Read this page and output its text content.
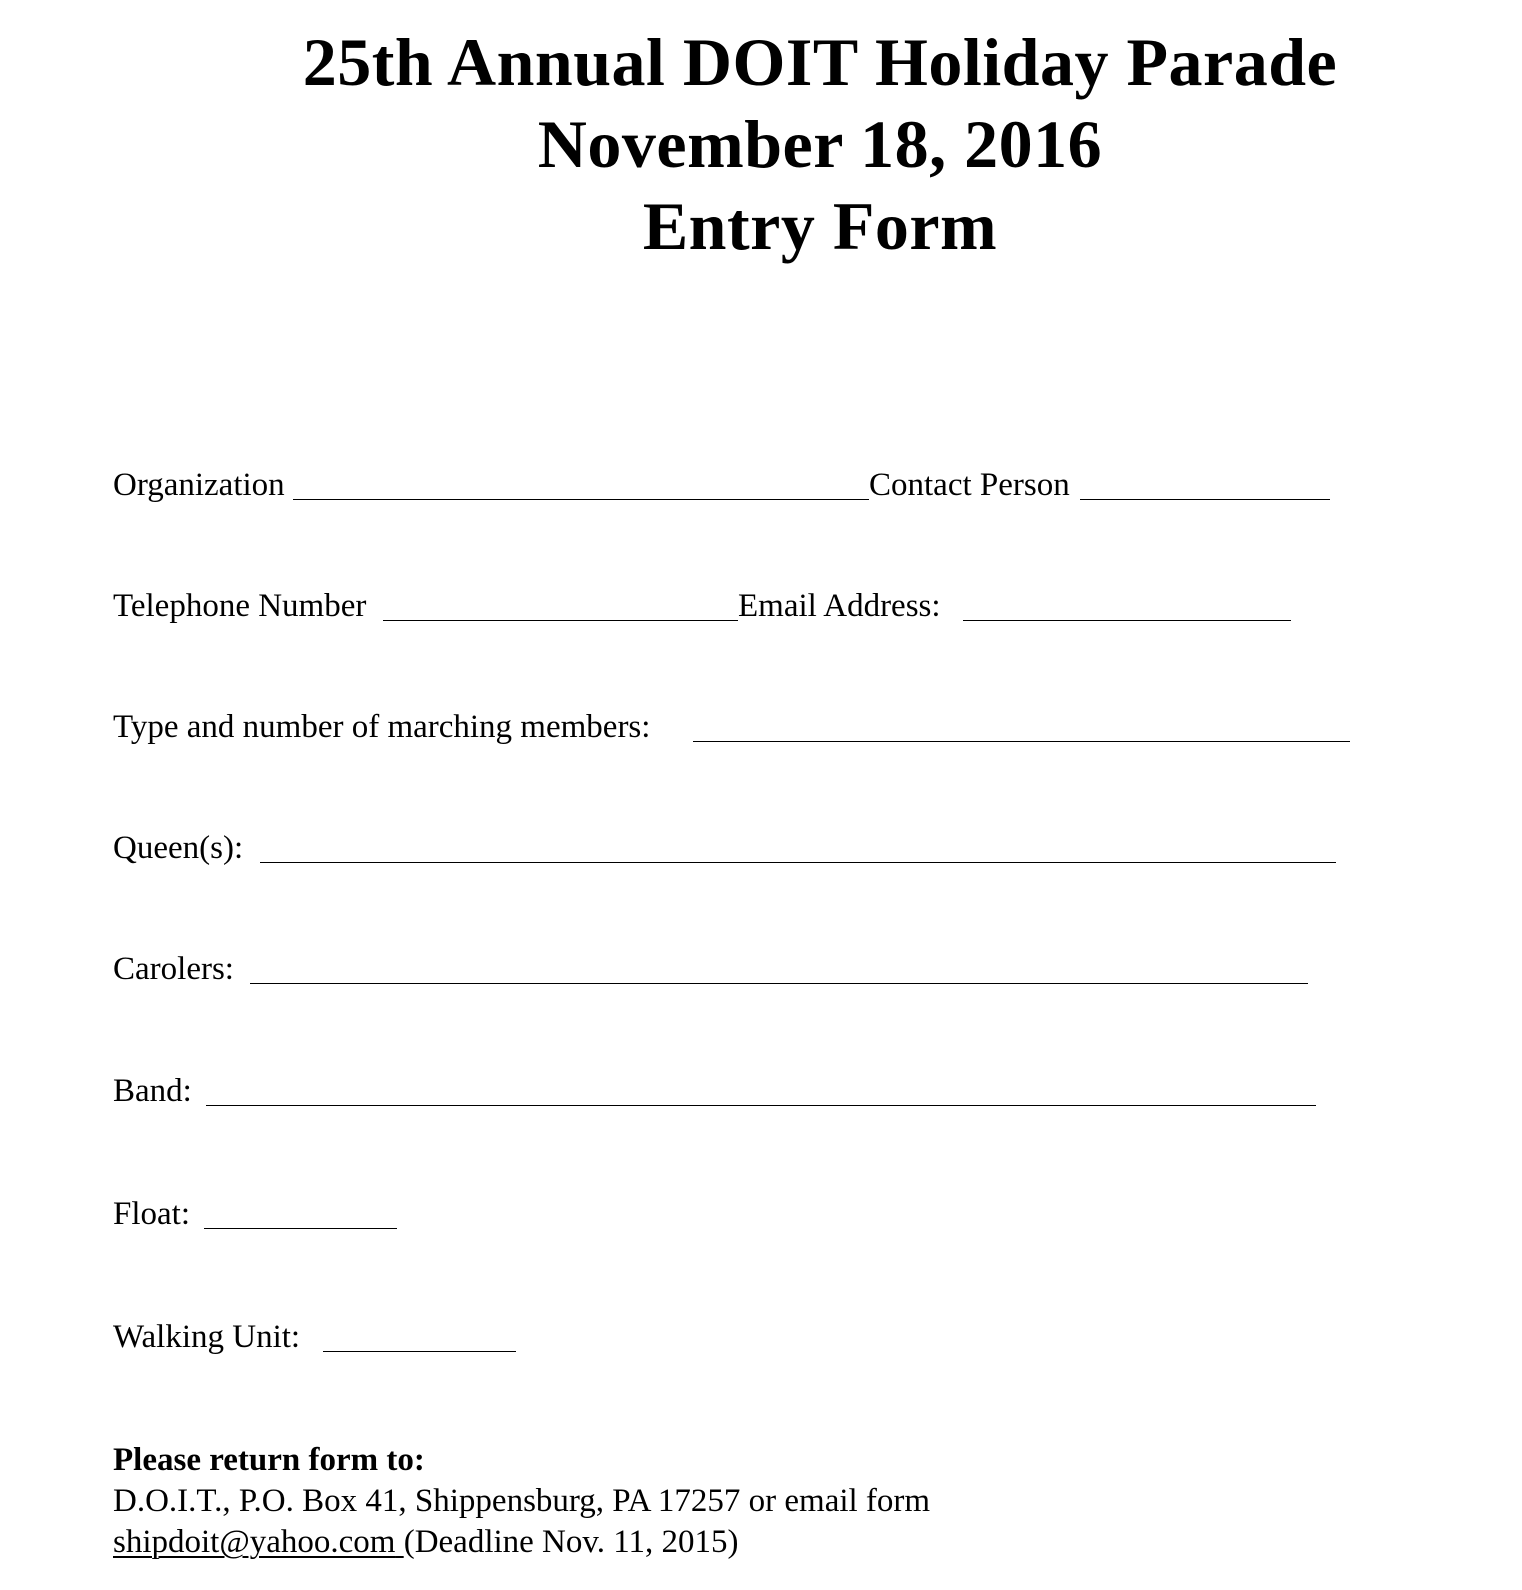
25th Annual DOIT Holiday Parade
November 18, 2016
Entry Form
Organization	Contact Person
Telephone Number	Email Address:
Type and number of marching members:
Queen(s):
Carolers:
Band:
Float:
Walking Unit:
Please return form to:
D.O.I.T., P.O. Box 41, Shippensburg, PA 17257 or email form
shipdoit@yahoo.com (Deadline Nov. 11, 2015)
